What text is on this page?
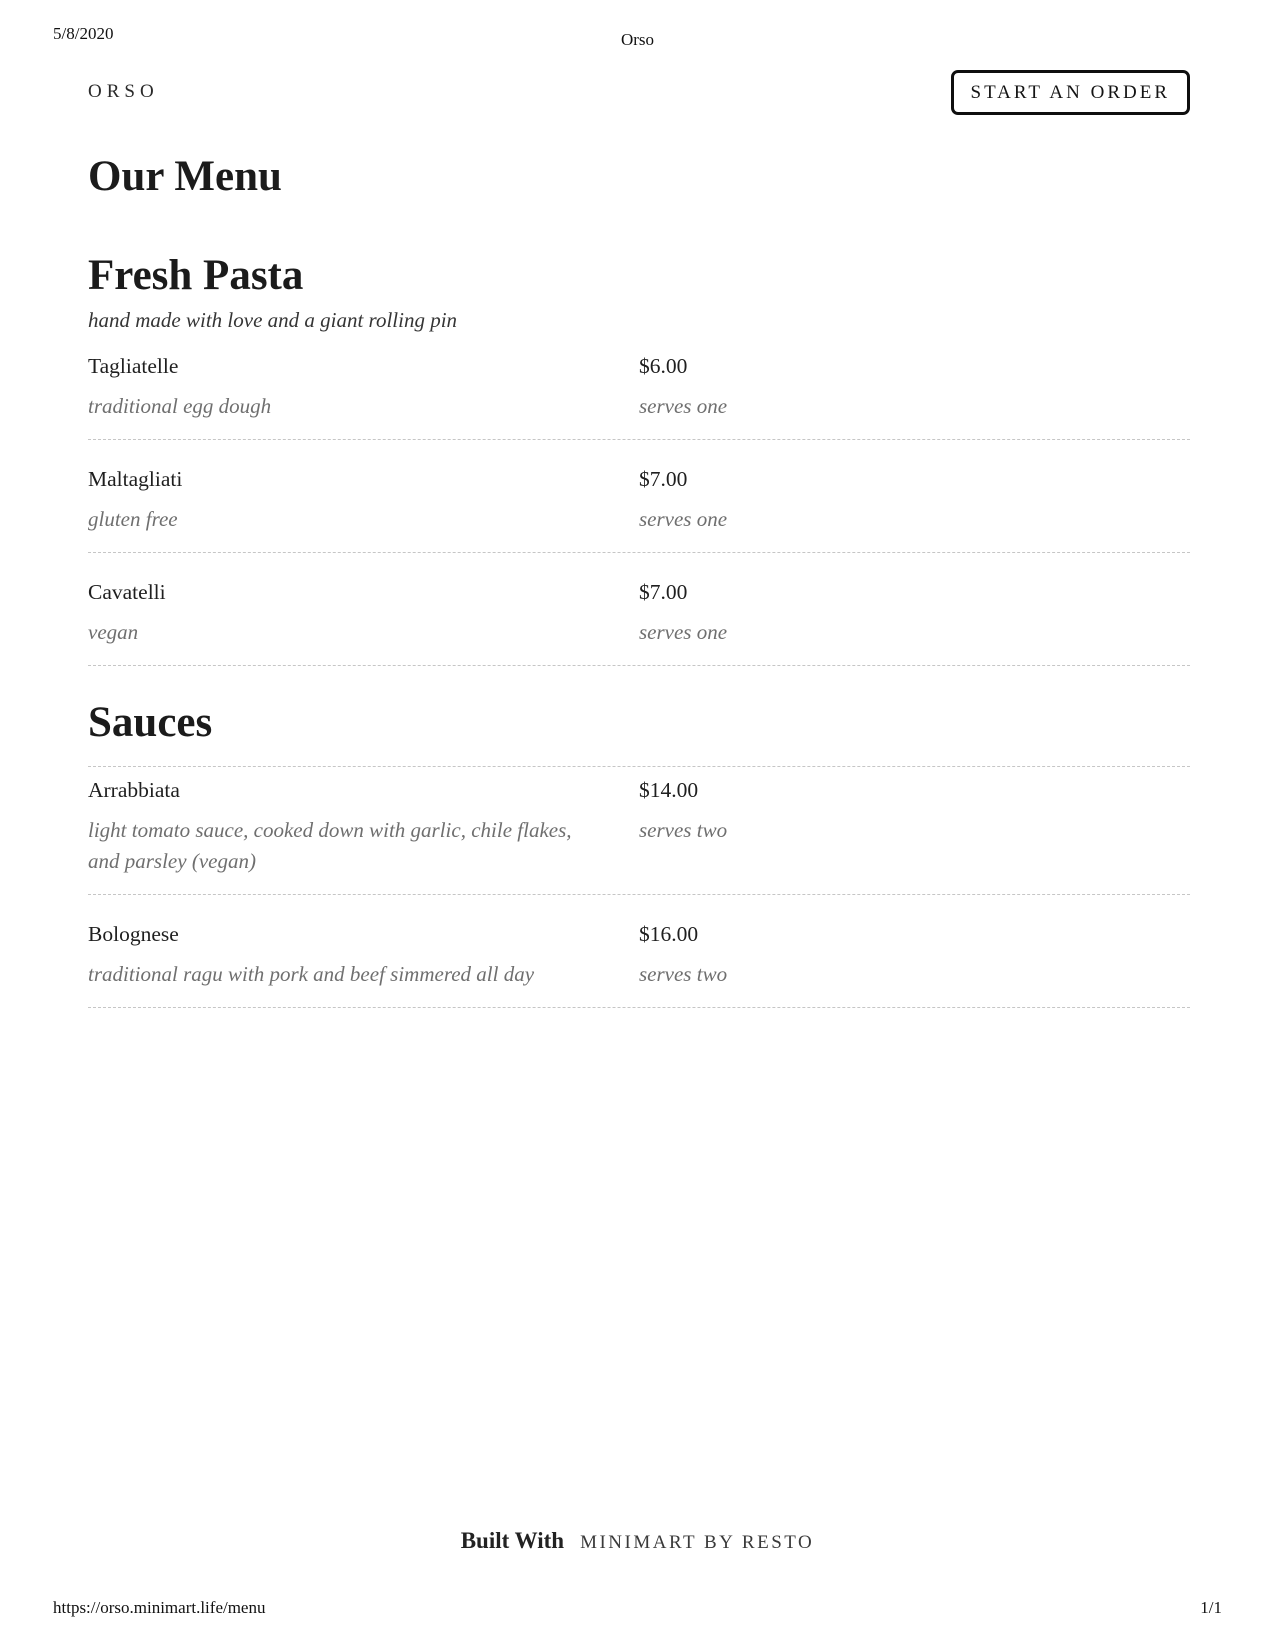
5/8/2020	Orso
ORSO	START AN ORDER
Our Menu
Fresh Pasta

hand made with love and a giant rolling pin

Tagliatelle
traditional egg dough
$6.00
serves one
Maltagliati
gluten free
$7.00
serves one
Cavatelli
vegan
$7.00
serves one
Sauces
Arrabbiata
light tomato sauce, cooked down with garlic, chile flakes, and parsley (vegan)
$14.00
serves two
Bolognese
traditional ragu with pork and beef simmered all day
$16.00
serves two
Built With MINIMART BY RESTO
https://orso.minimart.life/menu	1/1
